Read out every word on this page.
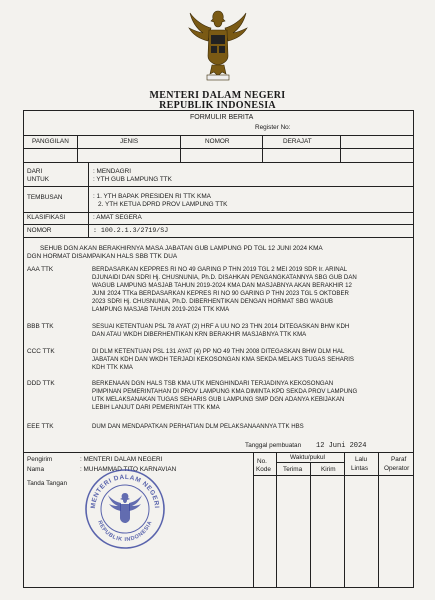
MENTERI DALAM NEGERI
REPUBLIK INDONESIA
FORMULIR BERITA
Register No:
PANGGILAN	JENIS	NOMOR	DERAJAT
DARI	: MENDAGRI
UNTUK	: YTH GUB LAMPUNG TTK
TEMBUSAN	: 1. YTH BAPAK PRESIDEN RI TTK KMA
2. YTH KETUA DPRD PROV LAMPUNG TTK
KLASIFIKASI	: AMAT SEGERA
NOMOR	: 100.2.1.3/2719/SJ
SEHUB DGN AKAN BERAKHIRNYA MASA JABATAN GUB LAMPUNG PD TGL 12 JUNI 2024 KMA
DGN HORMAT DISAMPAIKAN HALS SBB TTK DUA
AAA TTK	BERDASARKAN KEPPRES RI NO 49 GARING P THN 2019 TGL 2 MEI 2019 SDR Ir. ARINAL
DJUNAIDI DAN SDRI Hj. CHUSNUNIA, Ph.D. DISAHKAN PENGANGKATANNYA SBG GUB DAN
WAGUB LAMPUNG MASJAB TAHUN 2019-2024 KMA DAN MASJABNYA AKAN BERAKHIR 12
JUNI 2024 TTKa BERDASARKAN KEPRES RI NO 90 GARING P THN 2023 TGL 5 OKTOBER
2023 SDRI Hj. CHUSNUNIA, Ph.D. DIBERHENTIKAN DENGAN HORMAT SBG WAGUB
LAMPUNG MASJAB TAHUN 2019-2024 TTK KMA
BBB TTK	SESUAI KETENTUAN PSL 78 AYAT (2) HRF A UU NO 23 THN 2014 DITEGASKAN BHW KDH
DAN ATAU WKDH DIBERHENTIKAN KRN BERAKHIR MASJABNYA TTK KMA
CCC TTK	DI DLM KETENTUAN PSL 131 AYAT (4) PP NO 49 THN 2008 DITEGASKAN BHW DLM HAL
JABATAN KDH DAN WKDH TERJADI KEKOSONGAN KMA SEKDA MELAKS TUGAS SEHARIS
KDH TTK KMA
DDD TTK	BERKENAAN DGN HALS TSB KMA UTK MENGHINDARI TERJADINYA KEKOSONGAN
PIMPINAN PEMERINTAHAN DI PROV LAMPUNG KMA DIMINTA KPD SEKDA PROV LAMPUNG
UTK MELAKSANAKAN TUGAS SEHARIS GUB LAMPUNG SMP DGN ADANYA KEBIJAKAN
LEBIH LANJUT DARI PEMERINTAH TTK KMA
EEE TTK	DUM DAN MENDAPATKAN PERHATIAN DLM PELAKSANAANNYA TTK HBS
Tanggal pembuatan 12 Juni 2024
No.
Kode
Waktu/pukul
Terima	Kirim
Lalu
Lintas
Paraf
Operator
Pengirim	: MENTERI DALAM NEGERI
Nama	: MUHAMMAD TITO KARNAVIAN
Tanda Tangan
MENTERI DALAM NEGERI
REPUBLIK INDONESIA
